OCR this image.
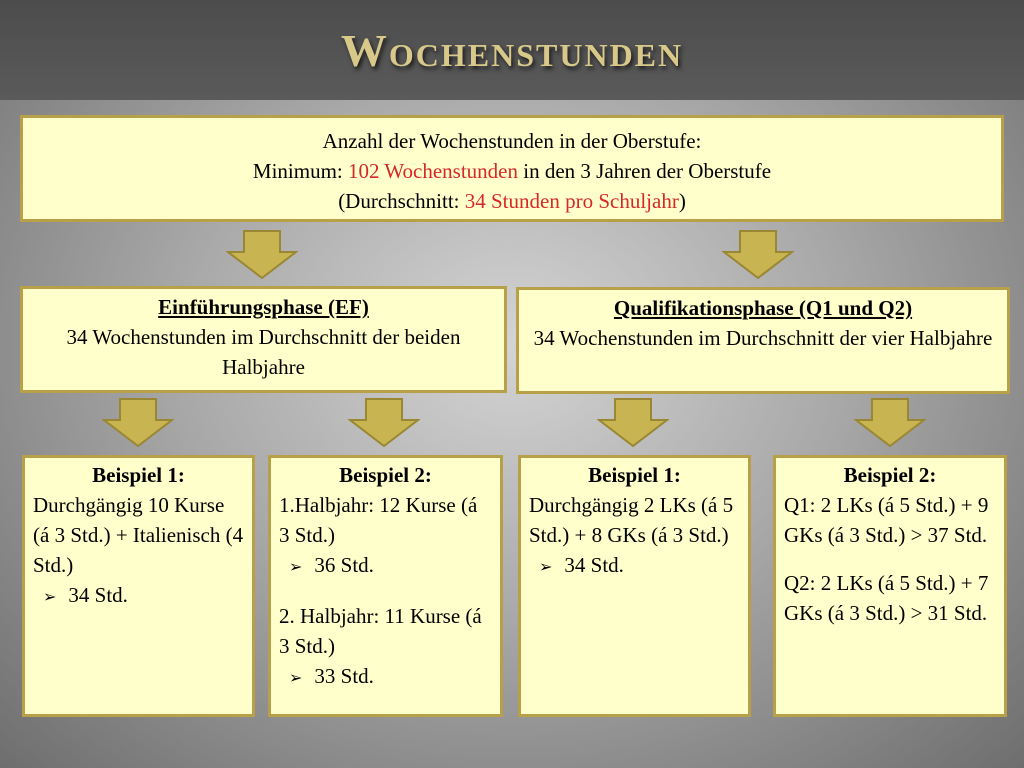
Wochenstunden
Anzahl der Wochenstunden in der Oberstufe:
Minimum: 102 Wochenstunden in den 3 Jahren der Oberstufe
(Durchschnitt: 34 Stunden pro Schuljahr)
Einführungsphase (EF)
34 Wochenstunden im Durchschnitt der beiden Halbjahre
Qualifikationsphase (Q1 und Q2)
34 Wochenstunden im Durchschnitt der vier Halbjahre
Beispiel 1:
Durchgängig 10 Kurse (á 3 Std.) + Italienisch (4 Std.)
➢ 34 Std.
Beispiel 2:
1.Halbjahr: 12 Kurse (á 3 Std.)
➢ 36 Std.
2. Halbjahr: 11 Kurse (á 3 Std.)
➢ 33 Std.
Beispiel 1:
Durchgängig 2 LKs (á 5 Std.) + 8 GKs (á 3 Std.)
➢ 34 Std.
Beispiel 2:
Q1: 2 LKs (á 5 Std.) + 9 GKs (á 3 Std.) > 37 Std.
Q2: 2 LKs (á 5 Std.) + 7 GKs (á 3 Std.) > 31 Std.
